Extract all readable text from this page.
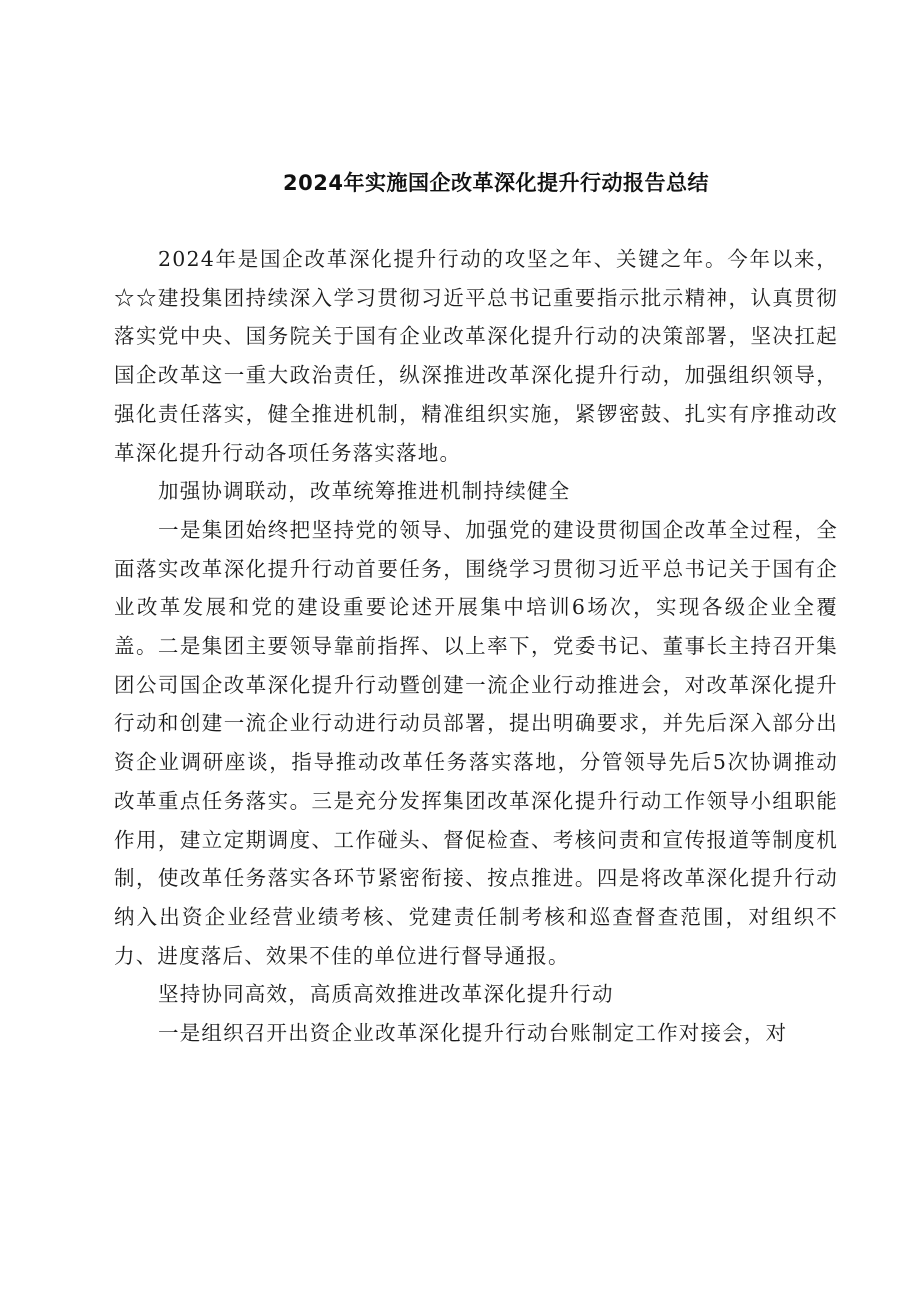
2024年实施国企改革深化提升行动报告总结

2024年是国企改革深化提升行动的攻坚之年、关键之年。今年以来，☆☆建投集团持续深入学习贯彻习近平总书记重要指示批示精神，认真贯彻落实党中央、国务院关于国有企业改革深化提升行动的决策部署，坚决扛起国企改革这一重大政治责任，纵深推进改革深化提升行动，加强组织领导，强化责任落实，健全推进机制，精准组织实施，紧锣密鼓、扎实有序推动改革深化提升行动各项任务落实落地。

加强协调联动，改革统筹推进机制持续健全

一是集团始终把坚持党的领导、加强党的建设贯彻国企改革全过程，全面落实改革深化提升行动首要任务，围绕学习贯彻习近平总书记关于国有企业改革发展和党的建设重要论述开展集中培训6场次，实现各级企业全覆盖。二是集团主要领导靠前指挥、以上率下，党委书记、董事长主持召开集团公司国企改革深化提升行动暨创建一流企业行动推进会，对改革深化提升行动和创建一流企业行动进行动员部署，提出明确要求，并先后深入部分出资企业调研座谈，指导推动改革任务落实落地，分管领导先后5次协调推动改革重点任务落实。三是充分发挥集团改革深化提升行动工作领导小组职能作用，建立定期调度、工作碰头、督促检查、考核问责和宣传报道等制度机制，使改革任务落实各环节紧密衔接、按点推进。四是将改革深化提升行动纳入出资企业经营业绩考核、党建责任制考核和巡查督查范围，对组织不力、进度落后、效果不佳的单位进行督导通报。

坚持协同高效，高质高效推进改革深化提升行动

一是组织召开出资企业改革深化提升行动台账制定工作对接会，对
